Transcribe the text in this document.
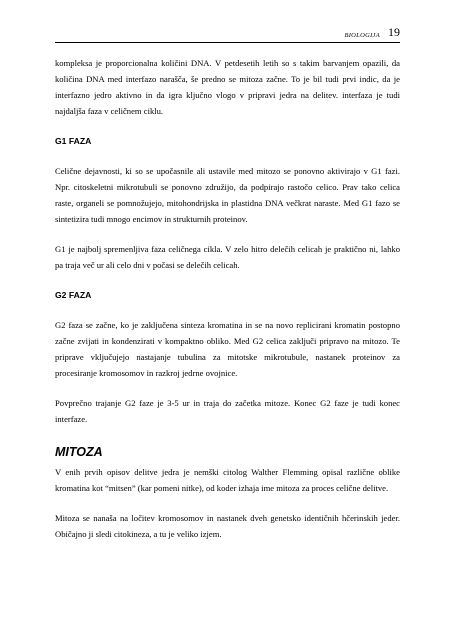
BIOLOGIJA 19

kompleksa je proporcionalna količini DNA. V petdesetih letih so s takim barvanjem opazili, da količina DNA med interfazo narašča, še predno se mitoza začne. To je bil tudi prvi indic, da je interfazno jedro aktivno in da igra ključno vlogo v pripravi jedra na delitev. interfaza je tudi najdaljša faza v celičnem ciklu.

G1 FAZA

Celične dejavnosti, ki so se upočasnile ali ustavile med mitozo se ponovno aktivirajo v G1 fazi. Npr. citoskeletni mikrotubuli se ponovno združijo, da podpirajo rastočo celico. Prav tako celica raste, organeli se pomnožujejo, mitohondrijska in plastidna DNA večkrat naraste. Med G1 fazo se sintetizira tudi mnogo encimov in strukturnih proteinov.

G1 je najbolj spremenljiva faza celičnega cikla. V zelo hitro delečih celicah je praktično ni, lahko pa traja več ur ali celo dni v počasi se delečih celicah.

G2 FAZA

G2 faza se začne, ko je zaključena sinteza kromatina in se na novo replicirani kromatin postopno začne zvijati in kondenzirati v kompaktno obliko. Med G2 celica zaključi pripravo na mitozo. Te priprave vključujejo nastajanje tubulina za mitotske mikrotubule, nastanek proteinov za procesiranje kromosomov in razkroj jedrne ovojnice.

Povprečno trajanje G2 faze je 3-5 ur in traja do začetka mitoze. Konec G2 faze je tudi konec interfaze.

MITOZA

V enih prvih opisov delitve jedra je nemški citolog Walther Flemming opisal različne oblike kromatina kot “mitsen” (kar pomeni nitke), od koder izhaja ime mitoza za proces celične delitve.

Mitoza se nanaša na ločitev kromosomov in nastanek dveh genetsko identičnih hčerinskih jeder. Običajno ji sledi citokineza, a tu je veliko izjem.
